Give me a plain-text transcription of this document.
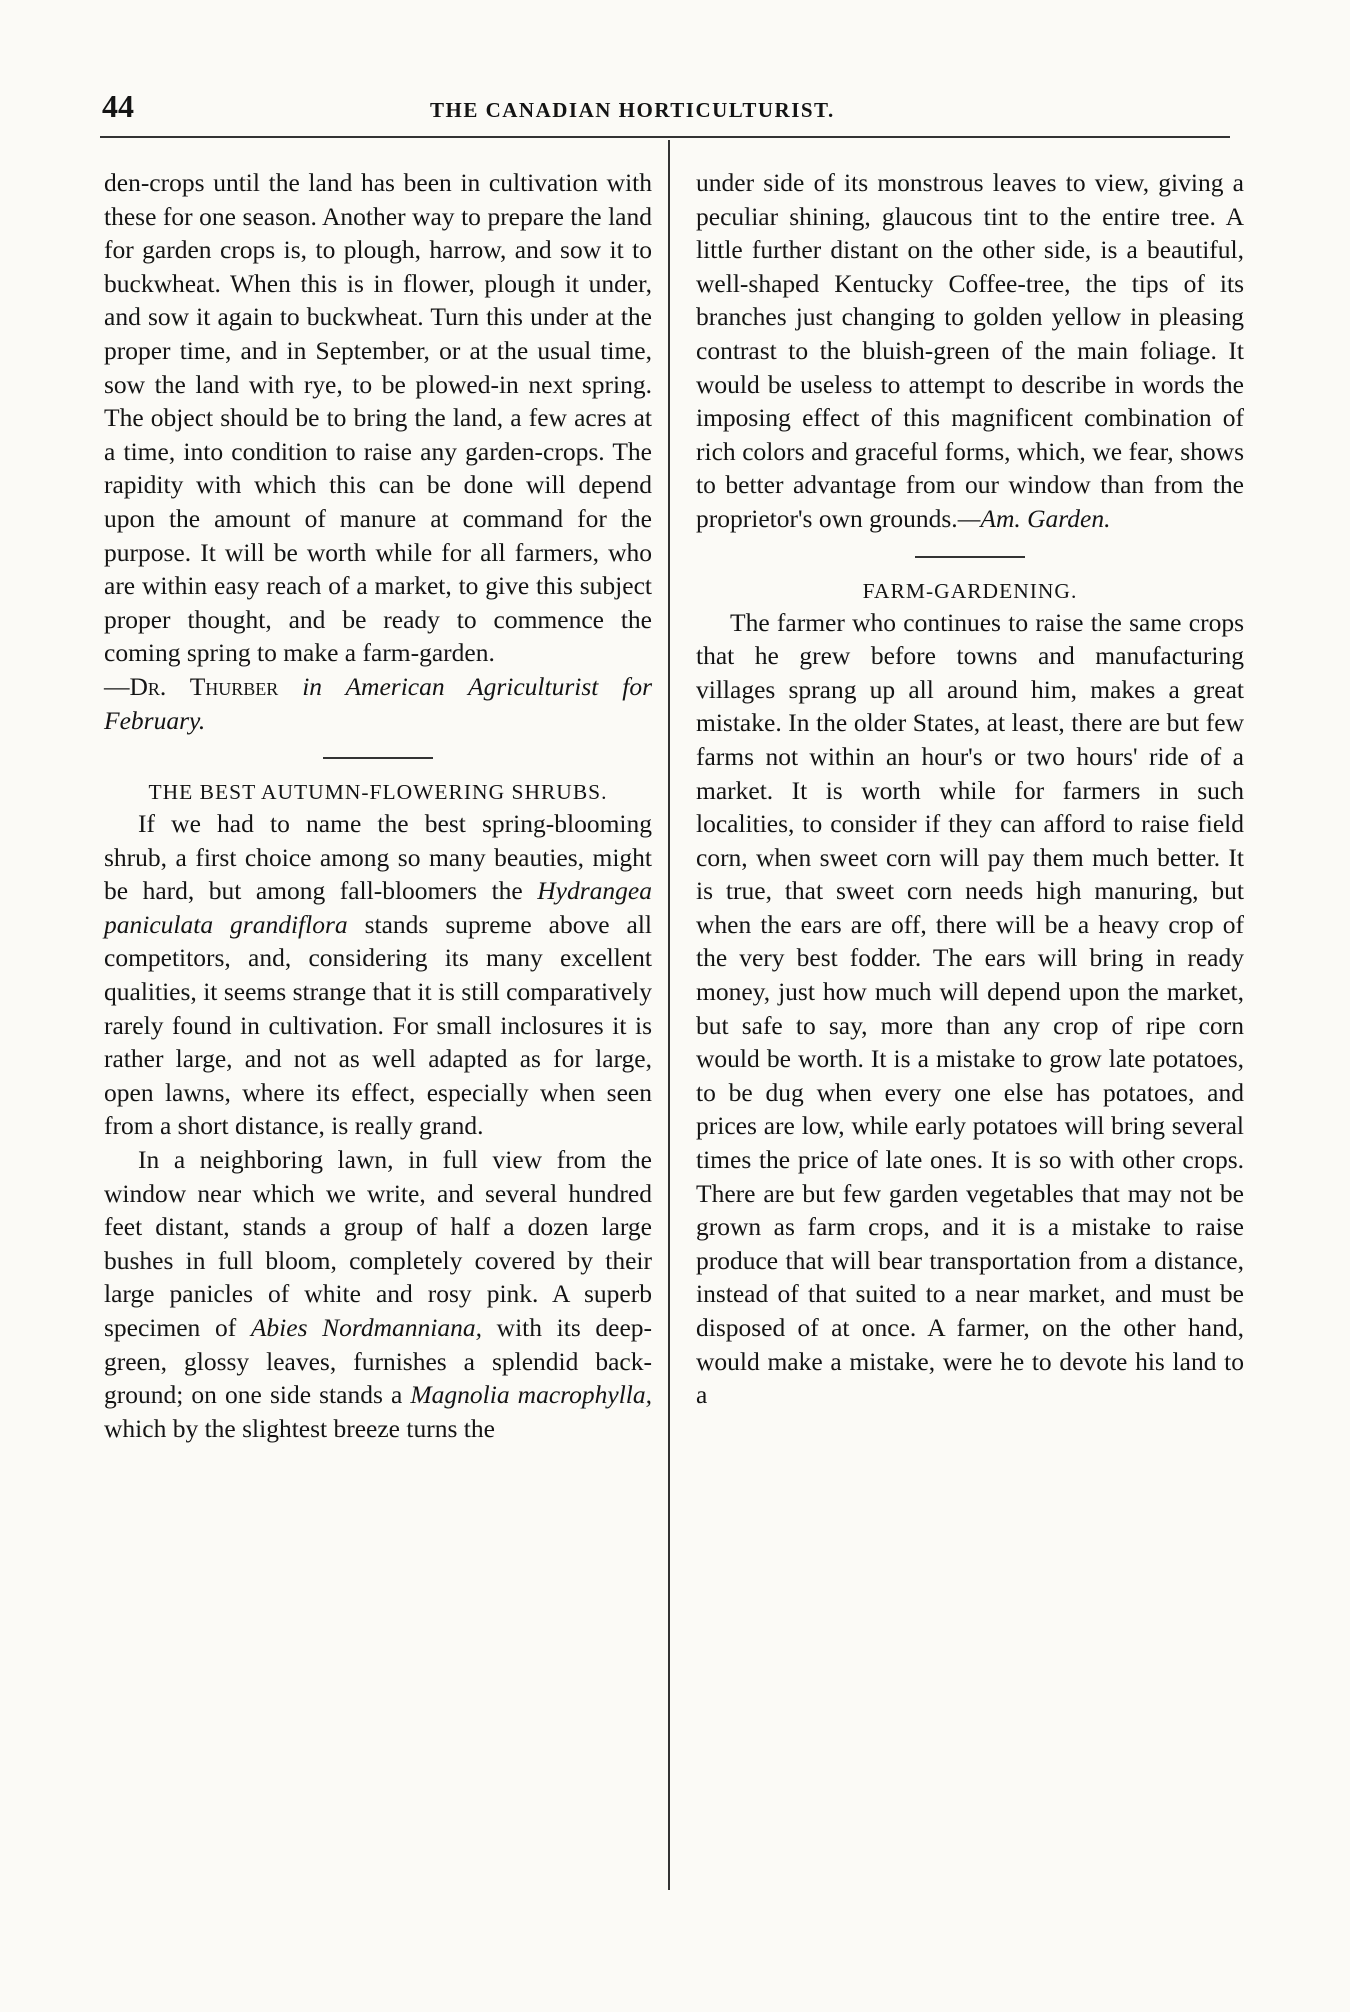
44	THE CANADIAN HORTICULTURIST.

den-crops until the land has been in cultivation with these for one season. Another way to prepare the land for garden crops is, to plough, harrow, and sow it to buckwheat. When this is in flower, plough it under, and sow it again to buckwheat. Turn this under at the proper time, and in September, or at the usual time, sow the land with rye, to be plowed-in next spring. The object should be to bring the land, a few acres at a time, into condition to raise any garden-crops. The rapidity with which this can be done will depend upon the amount of manure at command for the purpose. It will be worth while for all farmers, who are within easy reach of a market, to give this subject proper thought, and be ready to commence the coming spring to make a farm-garden.

—Dr. Thurber in American Agriculturist for February.

THE BEST AUTUMN-FLOWERING SHRUBS.

If we had to name the best spring-blooming shrub, a first choice among so many beauties, might be hard, but among fall-bloomers the Hydrangea paniculata grandiflora stands supreme above all competitors, and, considering its many excellent qualities, it seems strange that it is still comparatively rarely found in cultivation. For small inclosures it is rather large, and not as well adapted as for large, open lawns, where its effect, especially when seen from a short distance, is really grand.

In a neighboring lawn, in full view from the window near which we write, and several hundred feet distant, stands a group of half a dozen large bushes in full bloom, completely covered by their large panicles of white and rosy pink. A superb specimen of Abies Nordmanniana, with its deep-green, glossy leaves, furnishes a splendid back-ground; on one side stands a Magnolia macrophylla, which by the slightest breeze turns the

under side of its monstrous leaves to view, giving a peculiar shining, glaucous tint to the entire tree. A little further distant on the other side, is a beautiful, well-shaped Kentucky Coffee-tree, the tips of its branches just changing to golden yellow in pleasing contrast to the bluish-green of the main foliage. It would be useless to attempt to describe in words the imposing effect of this magnificent combination of rich colors and graceful forms, which, we fear, shows to better advantage from our window than from the proprietor's own grounds.—Am. Garden.

FARM-GARDENING.

The farmer who continues to raise the same crops that he grew before towns and manufacturing villages sprang up all around him, makes a great mistake. In the older States, at least, there are but few farms not within an hour's or two hours' ride of a market. It is worth while for farmers in such localities, to consider if they can afford to raise field corn, when sweet corn will pay them much better. It is true, that sweet corn needs high manuring, but when the ears are off, there will be a heavy crop of the very best fodder. The ears will bring in ready money, just how much will depend upon the market, but safe to say, more than any crop of ripe corn would be worth. It is a mistake to grow late potatoes, to be dug when every one else has potatoes, and prices are low, while early potatoes will bring several times the price of late ones. It is so with other crops. There are but few garden vegetables that may not be grown as farm crops, and it is a mistake to raise produce that will bear transportation from a distance, instead of that suited to a near market, and must be disposed of at once. A farmer, on the other hand, would make a mistake, were he to devote his land to a
